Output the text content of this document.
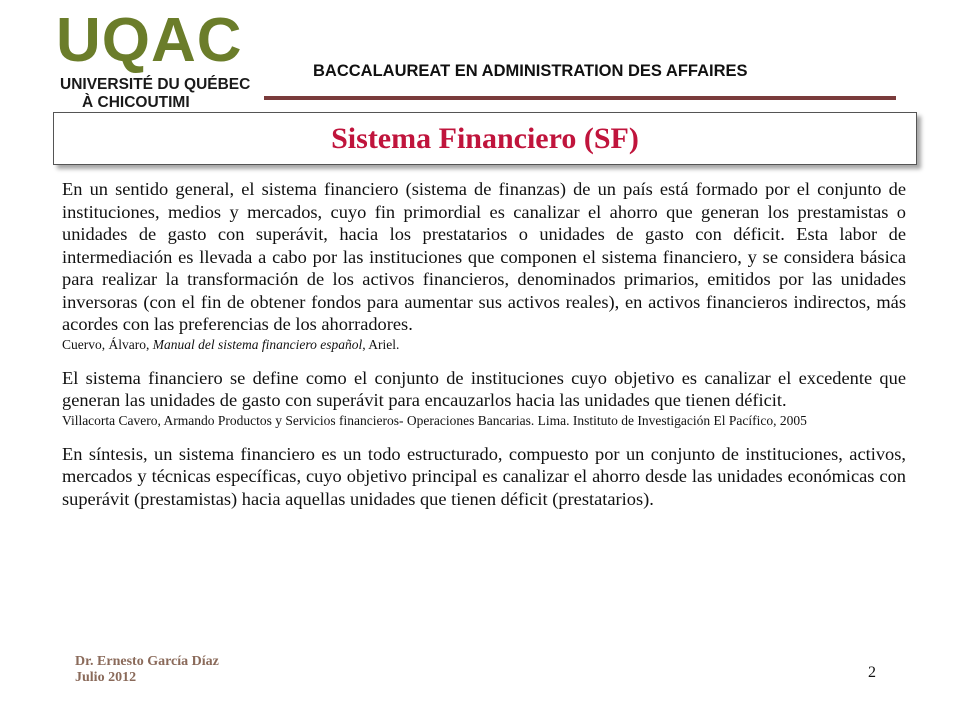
UQAC
UNIVERSITÉ DU QUÉBEC
À CHICOUTIMI
BACCALAUREAT EN ADMINISTRATION DES AFFAIRES
Sistema Financiero (SF)

En un sentido general, el sistema financiero (sistema de finanzas) de un país está formado por el conjunto de instituciones, medios y mercados, cuyo fin primordial es canalizar el ahorro que generan los prestamistas o unidades de gasto con superávit, hacia los prestatarios o unidades de gasto con déficit. Esta labor de intermediación es llevada a cabo por las instituciones que componen el sistema financiero, y se considera básica para realizar la transformación de los activos financieros, denominados primarios, emitidos por las unidades inversoras (con el fin de obtener fondos para aumentar sus activos reales), en activos financieros indirectos, más acordes con las preferencias de los ahorradores.

Cuervo, Álvaro, Manual del sistema financiero español, Ariel.

El sistema financiero se define como el conjunto de instituciones cuyo objetivo es canalizar el excedente que generan las unidades de gasto con superávit para encauzarlos hacia las unidades que tienen déficit.

Villacorta Cavero, Armando Productos y Servicios financieros- Operaciones Bancarias. Lima. Instituto de Investigación El Pacífico, 2005

En síntesis, un sistema financiero es un todo estructurado, compuesto por un conjunto de instituciones, activos, mercados y técnicas específicas, cuyo objetivo principal es canalizar el ahorro desde las unidades económicas con superávit (prestamistas) hacia aquellas unidades que tienen déficit (prestatarios).

Dr. Ernesto García Díaz
Julio 2012	2
